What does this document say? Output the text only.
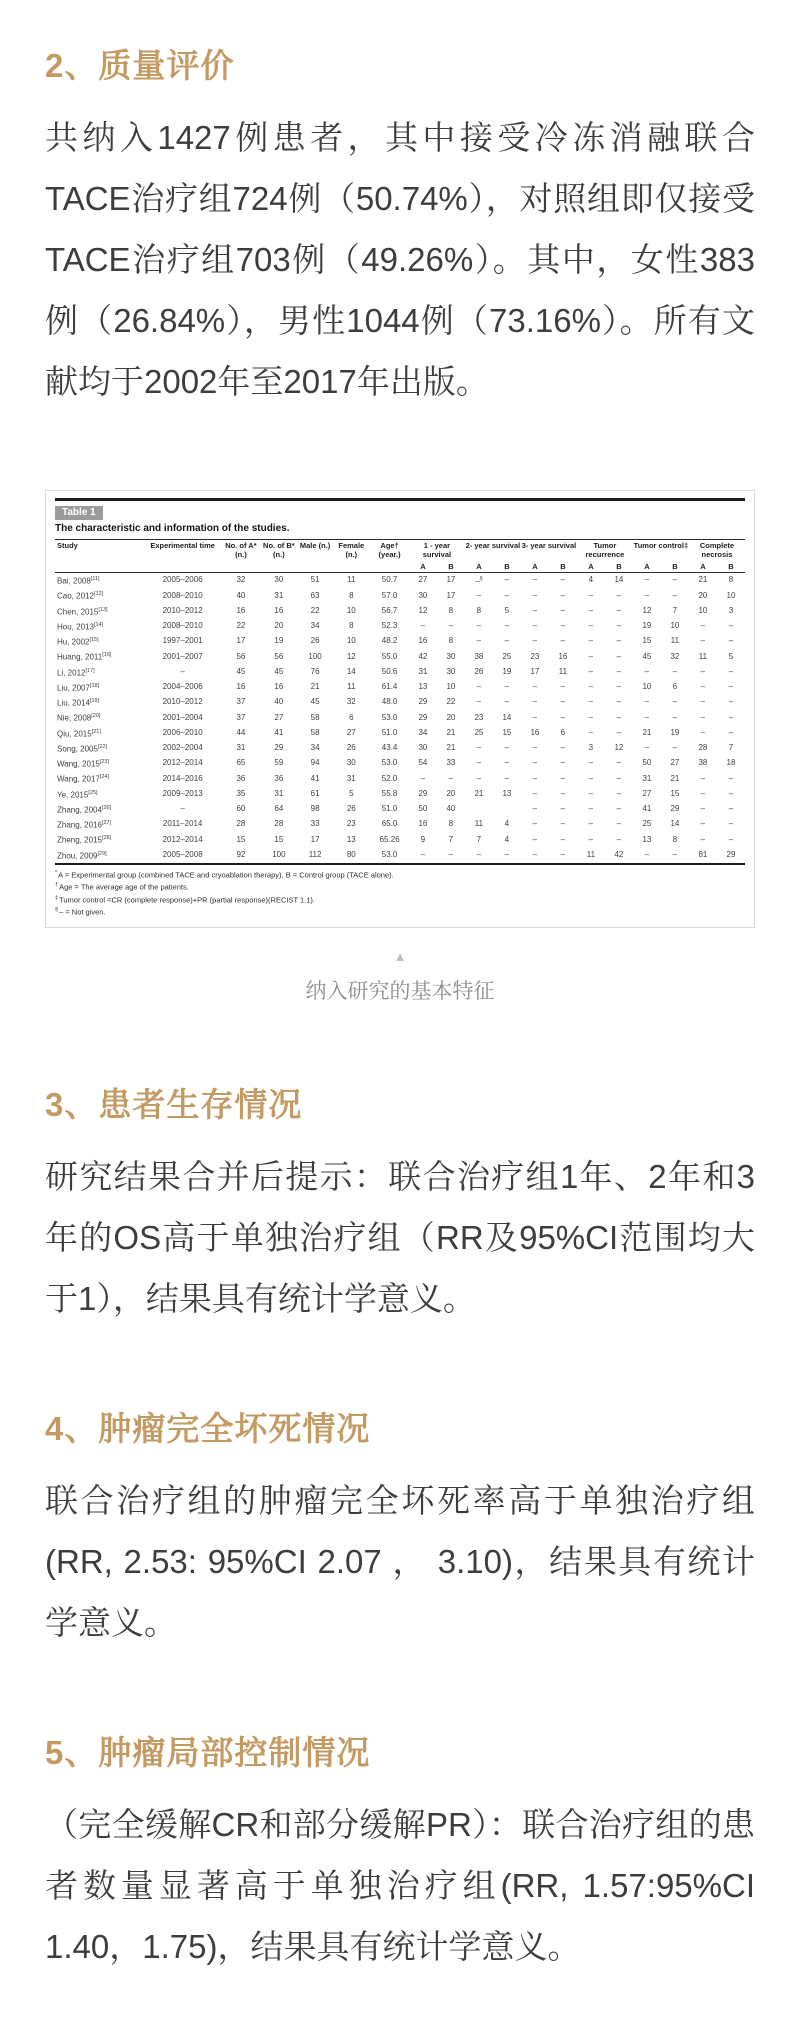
2、质量评价

共纳入1427例患者，其中接受冷冻消融联合TACE治疗组724例（50.74%），对照组即仅接受TACE治疗组703例（49.26%）。其中，女性383例（26.84%），男性1044例（73.16%）。所有文献均于2002年至2017年出版。

Table 1
The characteristic and information of the studies.
Study	Experimental time	No. of A* (n.)	No. of B* (n.)	Male (n.)	Female (n.)	Age† (year.)	1 - year survival		2- year survival		3- year survival		Tumor recurrence		Tumor control‡		Complete necrosis	
							A	B	A	B	A	B	A	B	A	B	A	B
Bai, 2008[11]	2005–2006	32	30	51	11	50.7	27	17	–§	–	–	–	4	14	–	–	21	8
Cao, 2012[12]	2008–2010	40	31	63	8	57.0	30	17	–	–	–	–	–	–	–	–	20	10
Chen, 2015[13]	2010–2012	16	16	22	10	56.7	12	8	8	5	–	–	–	–	12	7	10	3
Hou, 2013[14]	2008–2010	22	20	34	8	52.3	–	–	–	–	–	–	–	–	19	10	–	–
Hu, 2002[15]	1997–2001	17	19	26	10	48.2	16	8	–	–	–	–	–	–	15	11	–	–
Huang, 2011[16]	2001–2007	56	56	100	12	55.0	42	30	38	25	23	16	–	–	45	32	11	5
Li, 2012[17]	–	45	45	76	14	50.6	31	30	26	19	17	11	–	–	–	–	–	–
Liu, 2007[18]	2004–2006	16	16	21	11	61.4	13	10	–	–	–	–	–	–	10	6	–	–
Liu, 2014[19]	2010–2012	37	40	45	32	48.0	29	22	–	–	–	–	–	–	–	–	–	–
Nie, 2008[20]	2001–2004	37	27	58	6	53.0	29	20	23	14	–	–	–	–	–	–	–	–
Qiu, 2015[21]	2006–2010	44	41	58	27	51.0	34	21	25	15	16	6	–	–	21	19	–	–
Song, 2005[22]	2002–2004	31	29	34	26	43.4	30	21	–	–	–	–	3	12	–	–	28	7
Wang, 2015[23]	2012–2014	65	59	94	30	53.0	54	33	–	–	–	–	–	–	50	27	38	18
Wang, 2017[24]	2014–2016	36	36	41	31	52.0	–	–	–	–	–	–	–	–	31	21	–	–
Ye, 2015[25]	2009–2013	35	31	61	5	55.8	29	20	21	13	–	–	–	–	27	15	–	–
Zhang, 2004[26]	–	60	64	98	26	51.0	50	40			–	–	–	–	41	29	–	–
Zhang, 2016[27]	2011–2014	28	28	33	23	65.0	16	8	11	4	–	–	–	–	25	14	–	–
Zheng, 2015[28]	2012–2014	15	15	17	13	65.26	9	7	7	4	–	–	–	–	13	8	–	–
Zhou, 2009[29]	2005–2008	92	100	112	80	53.0	–	–	–	–	–	–	11	42	–	–	81	29
*A = Experimental group (combined TACE and cryoablation therapy), B = Control group (TACE alone).
†Age = The average age of the patients.
‡Tumor control =CR (complete response)+PR (partial response)(RECIST 1.1).
§– = Not given.
▲
纳入研究的基本特征
3、患者生存情况

研究结果合并后提示：联合治疗组1年、2年和3年的OS高于单独治疗组（RR及95%CI范围均大于1），结果具有统计学意义。

4、肿瘤完全坏死情况

联合治疗组的肿瘤完全坏死率高于单独治疗组(RR, 2.53: 95%CI 2.07 ， 3.10)，结果具有统计学意义。

5、肿瘤局部控制情况

（完全缓解CR和部分缓解PR）：联合治疗组的患者数量显著高于单独治疗组(RR, 1.57:95%CI 1.40，1.75)，结果具有统计学意义。
